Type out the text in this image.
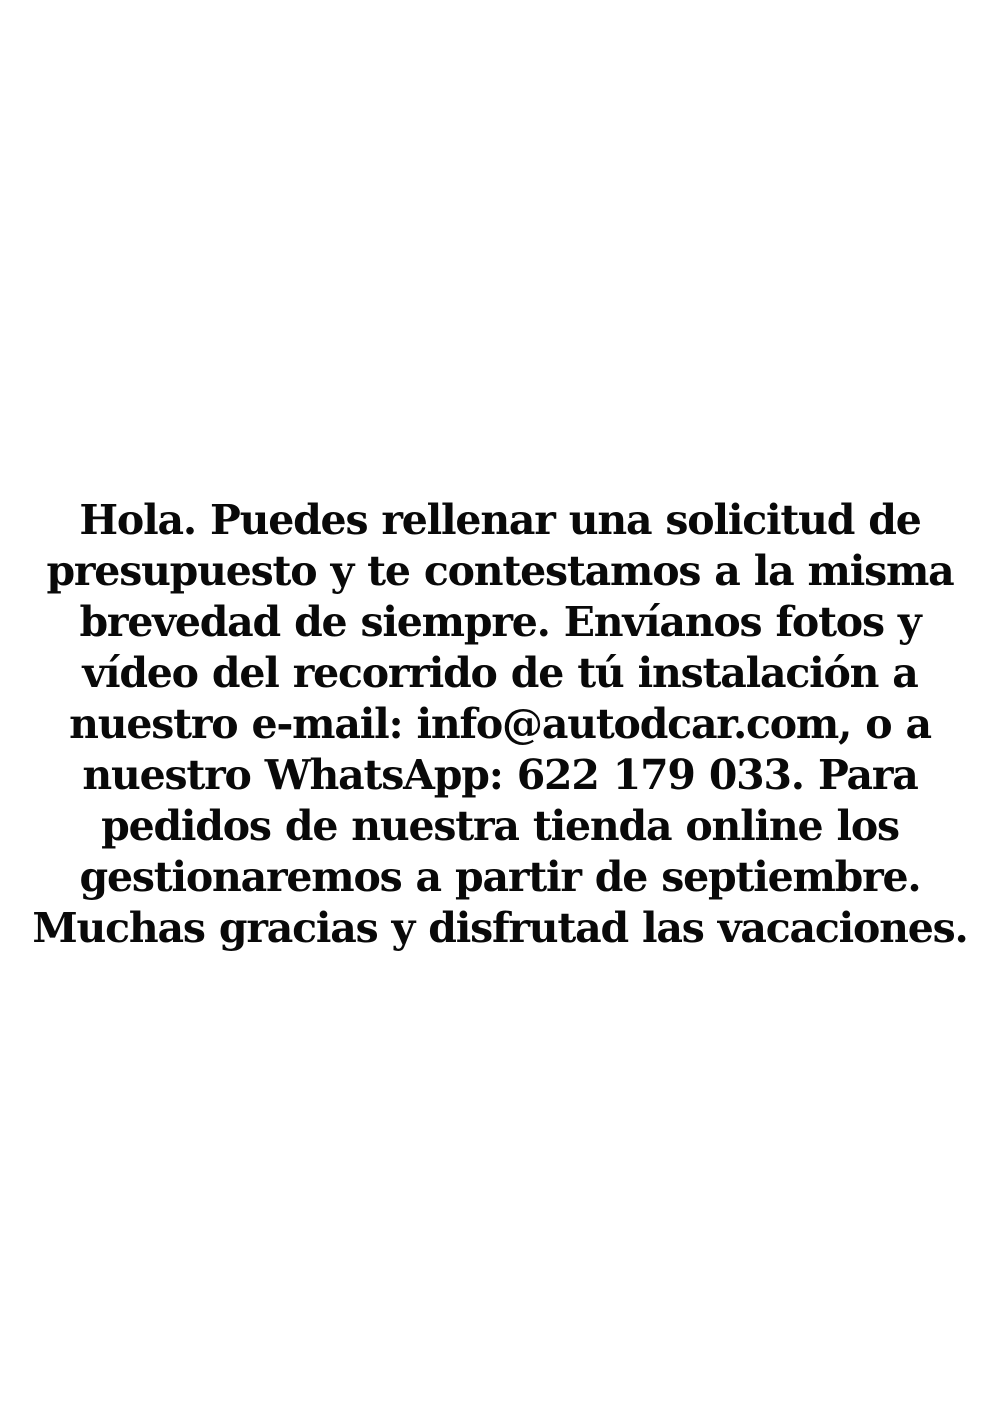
Hola. Puedes rellenar una solicitud de presupuesto y te contestamos a la misma brevedad de siempre. Envíanos fotos y vídeo del recorrido de tú instalación a nuestro e-mail: info@autodcar.com, o a nuestro WhatsApp: 622 179 033. Para pedidos de nuestra tienda online los gestionaremos a partir de septiembre. Muchas gracias y disfrutad las vacaciones.
